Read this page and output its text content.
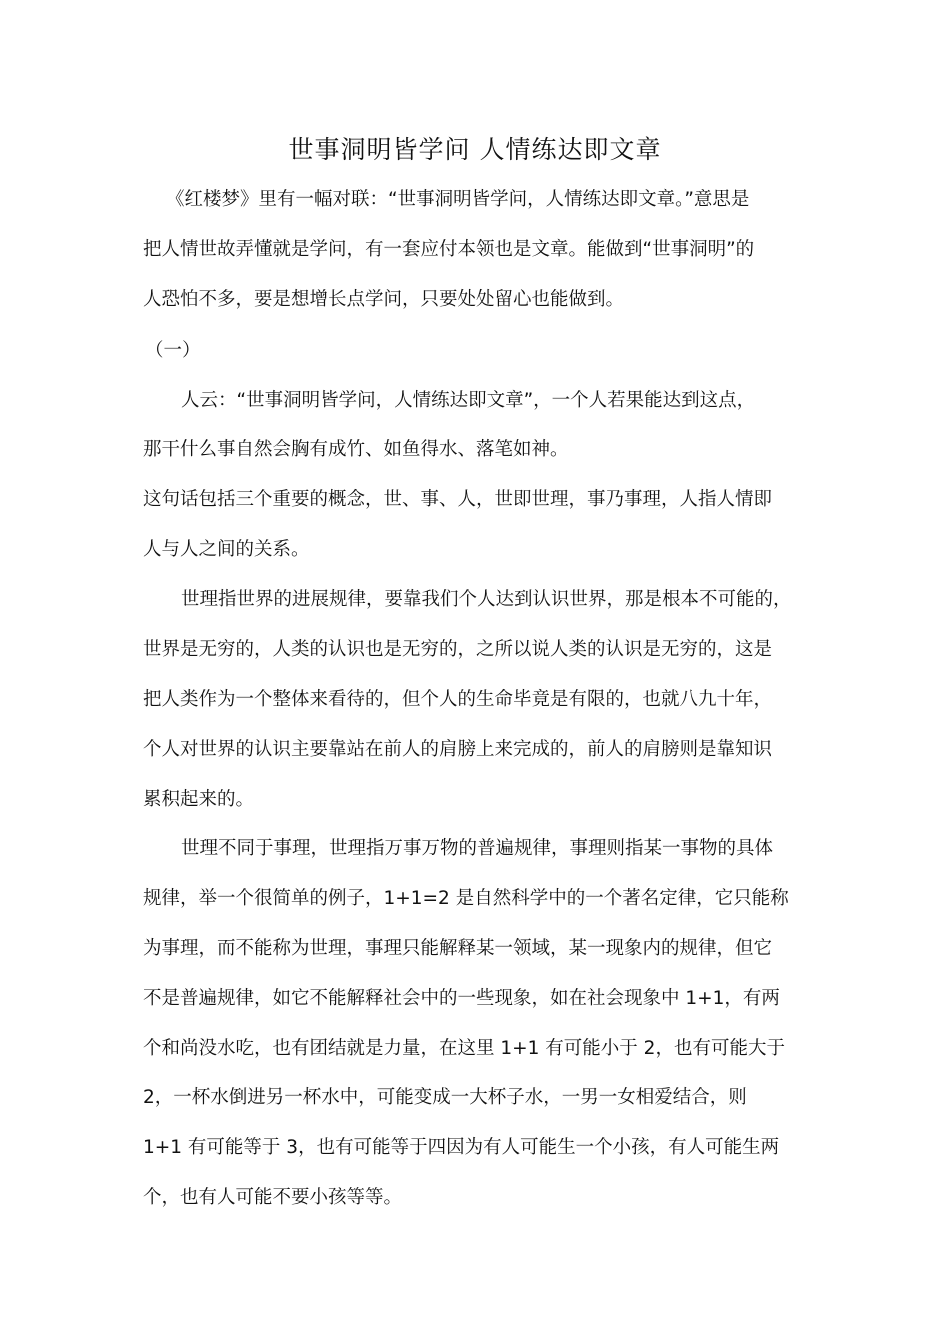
世事洞明皆学问 人情练达即文章
《红楼梦》里有一幅对联：“世事洞明皆学问，人情练达即文章。”意思是
把人情世故弄懂就是学问，有一套应付本领也是文章。能做到“世事洞明”的
人恐怕不多，要是想增长点学问，只要处处留心也能做到。
（一）
人云：“世事洞明皆学问，人情练达即文章”，一个人若果能达到这点，
那干什么事自然会胸有成竹、如鱼得水、落笔如神。
这句话包括三个重要的概念，世、事、人，世即世理，事乃事理，人指人情即
人与人之间的关系。
世理指世界的进展规律，要靠我们个人达到认识世界，那是根本不可能的，
世界是无穷的，人类的认识也是无穷的，之所以说人类的认识是无穷的，这是
把人类作为一个整体来看待的，但个人的生命毕竟是有限的，也就八九十年，
个人对世界的认识主要靠站在前人的肩膀上来完成的，前人的肩膀则是靠知识
累积起来的。
世理不同于事理，世理指万事万物的普遍规律，事理则指某一事物的具体
规律，举一个很简单的例子，1+1=2 是自然科学中的一个著名定律，它只能称
为事理，而不能称为世理，事理只能解释某一领域，某一现象内的规律，但它
不是普遍规律，如它不能解释社会中的一些现象，如在社会现象中 1+1，有两
个和尚没水吃，也有团结就是力量，在这里 1+1 有可能小于 2，也有可能大于
2，一杯水倒进另一杯水中，可能变成一大杯子水，一男一女相爱结合，则
1+1 有可能等于 3，也有可能等于四因为有人可能生一个小孩，有人可能生两
个，也有人可能不要小孩等等。
